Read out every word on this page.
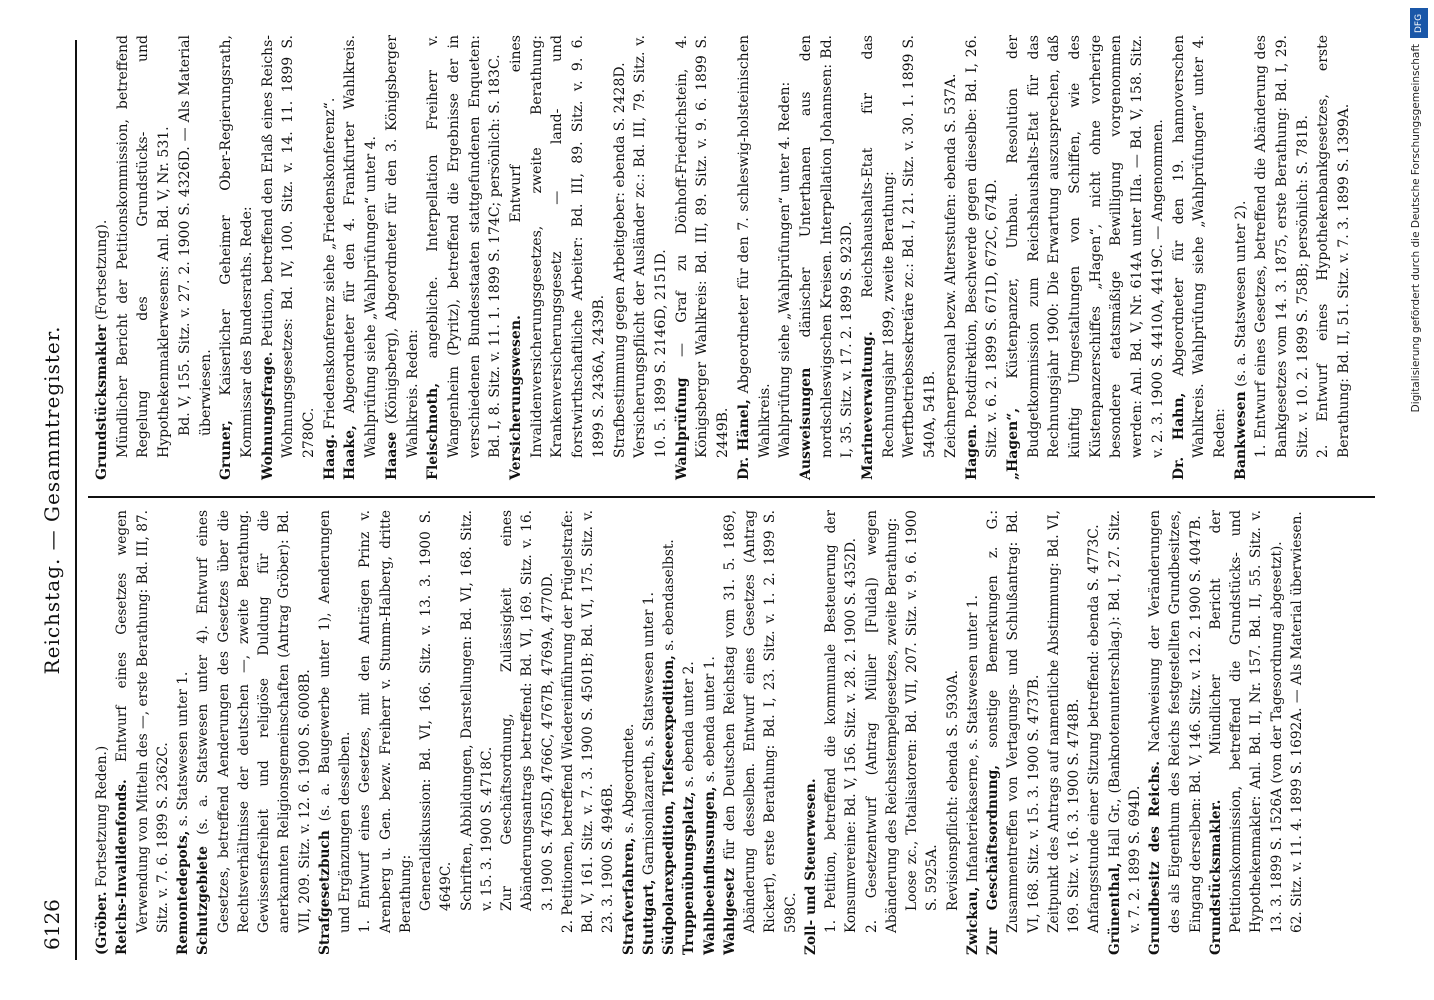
6126
Reichstag. — Gesammtregister.

(Gröber. Fortsetzung Reden.) Reichs-Invalidenfonds. Entwurf eines Gesetzes wegen Verwendung von Mitteln des —, erste Berathung: Bd. III, 87. Sitz. v. 7. 6. 1899 S. 2362C. Remontedepots, s. Statswesen unter 1.

Schutzgebiete (s. a. Statswesen unter 4). Entwurf eines Gesetzes, betreffend Aenderungen des Gesetzes über die Rechtsverhältnisse der deutschen —, zweite Berathung. Gewissensfreiheit und religiöse Duldung für die anerkannten Religionsgemeinschaften (Antrag Gröber): Bd. VII, 209. Sitz. v. 12. 6. 1900 S. 6008B. Strafgesetzbuch (s. a. Baugewerbe unter 1), Aenderungen und Ergänzungen desselben. 1. Entwurf eines Gesetzes, mit den Anträgen Prinz v. Arenberg u. Gen. bezw. Freiherr v. Stumm-Halberg, dritte Berathung: Generaldiskussion: Bd. VI, 166. Sitz. v. 13. 3. 1900 S. 4649C. Schriften, Abbildungen, Darstellungen: Bd. VI, 168. Sitz. v. 15. 3. 1900 S. 4718C. Zur Geschäftsordnung, Zulässigkeit eines Abänderungsantrags betreffend: Bd. VI, 169. Sitz. v. 16. 3. 1900 S. 4765D, 4766C, 4767B, 4769A, 4770D. 2. Petitionen, betreffend Wiedereinführung der Prügelstrafe: Bd. V, 161. Sitz. v. 7. 3. 1900 S. 4501B; Bd. VI, 175. Sitz. v. 23. 3. 1900 S. 4946B. Strafverfahren, s. Abgeordnete.

Stuttgart, Garnisonlazareth, s. Statswesen unter 1. Südpolarexpedition, Tiefseeexpedition, s. ebendaselbst.

Truppenübungsplatz, s. ebenda unter 2.

Wahlbeeinflussungen, s. ebenda unter 1.

Wahlgesetz für den Deutschen Reichstag vom 31. 5. 1869, Abänderung desselben. Entwurf eines Gesetzes (Antrag Rickert), erste Berathung: Bd. I, 23. Sitz. v. 1. 2. 1899 S. 598C. Zoll- und Steuerwesen. 1. Petition, betreffend die kommunale Besteuerung der Konsumvereine: Bd. V, 156. Sitz. v. 28. 2. 1900 S. 4352D. 2. Gesetzentwurf (Antrag Müller [Fulda]) wegen Abänderung des Reichsstempelgesetzes, zweite Berathung: Loose zc., Totalisatoren: Bd. VII, 207. Sitz. v. 9. 6. 1900 S. 5925A. Revisionspflicht: ebenda S. 5930A.

Zwickau, Infanteriekaserne, s. Statswesen unter 1. Zur Geschäftsordnung, sonstige Bemerkungen z. G.: Zusammentreffen von Vertagungs- und Schlußantrag: Bd. VI, 168. Sitz. v. 15. 3. 1900 S. 4737B. Zeitpunkt des Antrags auf namentliche Abstimmung: Bd. VI, 169. Sitz. v. 16. 3. 1900 S. 4748B. Anfangsstunde einer Sitzung betreffend: ebenda S. 4773C. Grünenthal, Hall Gr., (Banknotenunterschlag.): Bd. I, 27. Sitz. v. 7. 2. 1899 S. 694D. Grundbesitz des Reichs. Nachweisung der Veränderungen des als Eigenthum des Reichs festgestellten Grundbesitzes, Eingang derselben: Bd. V, 146. Sitz. v. 12. 2. 1900 S. 4047B. Grundstücksmakler. Mündlicher Bericht der Petitionskommission, betreffend die Grundstücks- und Hypothekenmakler: Anl. Bd. II, Nr. 157. Bd. II, 55. Sitz. v. 13. 3. 1899 S. 1526A (von der Tagesordnung abgesetzt). 62. Sitz. v. 11. 4. 1899 S. 1692A. — Als Material überwiesen.

Grundstücksmakler (Fortsetzung). Mündlicher Bericht der Petitionskommission, betreffend Regelung des Grundstücks- und Hypothekenmaklerwesens: Anl. Bd. V, Nr. 531. Bd. V, 155. Sitz. v. 27. 2. 1900 S. 4326D. — Als Material überwiesen.

Gruner, Kaiserlicher Geheimer Ober-Regierungsrath, Kommissar des Bundesraths. Rede: Wohnungsfrage. Petition, betreffend den Erlaß eines Reichs-Wohnungsgesetzes: Bd. IV, 100. Sitz. v. 14. 11. 1899 S. 2780C. Haag. Friedenskonferenz siehe „Friedenskonferenz“.

Haake, Abgeordneter für den 4. Frankfurter Wahlkreis. Wahlprüfung siehe „Wahlprüfungen“ unter 4. Haase (Königsberg), Abgeordneter für den 3. Königsberger Wahlkreis. Reden: Fleischnoth, angebliche. Interpellation Freiherr v. Wangenheim (Pyritz), betreffend die Ergebnisse der in verschiedenen Bundesstaaten stattgefundenen Enqueten: Bd. I, 8. Sitz. v. 11. 1. 1899 S. 174C; persönlich: S. 183C. Versicherungswesen. Entwurf eines Invalidenversicherungsgesetzes, zweite Berathung: Krankenversicherungsgesetz — land- und forstwirthschaftliche Arbeiter: Bd. III, 89. Sitz. v. 9. 6. 1899 S. 2436A, 2439B. Strafbestimmung gegen Arbeitgeber: ebenda S. 2428D. Versicherungspflicht der Ausländer zc.: Bd. III, 79. Sitz. v. 10. 5. 1899 S. 2146D, 2151D. Wahlprüfung — Graf zu Dönhoff-Friedrichstein, 4. Königsberger Wahlkreis: Bd. III, 89. Sitz. v. 9. 6. 1899 S. 2449B. Dr. Hänel, Abgeordneter für den 7. schleswig-holsteinischen Wahlkreis. Wahlprüfung siehe „Wahlprüfungen“ unter 4. Reden: Ausweisungen dänischer Unterthanen aus den nordschleswigschen Kreisen. Interpellation Johannsen: Bd. I, 35. Sitz. v. 17. 2. 1899 S. 923D. Marineverwaltung. Reichshaushalts-Etat für das Rechnungsjahr 1899, zweite Berathung: Werftbetriebssekretäre zc.: Bd. I, 21. Sitz. v. 30. 1. 1899 S. 540A, 541B. Zeichnerpersonal bezw. Altersstufen: ebenda S. 537A. Hagen. Postdirektion, Beschwerde gegen dieselbe: Bd. I, 26. Sitz. v. 6. 2. 1899 S. 671D, 672C, 674D. „Hagen“, Küstenpanzer, Umbau. Resolution der Budgetkommission zum Reichshaushalts-Etat für das Rechnungsjahr 1900: Die Erwartung auszusprechen, daß künftig Umgestaltungen von Schiffen, wie des Küstenpanzerschiffes „Hagen“, nicht ohne vorherige besondere etatsmäßige Bewilligung vorgenommen werden: Anl. Bd. V, Nr. 614A unter IIIa. — Bd. V, 158. Sitz. v. 2. 3. 1900 S. 4410A, 4419C. — Angenommen. Dr. Hahn, Abgeordneter für den 19. hannoverschen Wahlkreis. Wahlprüfung siehe „Wahlprüfungen“ unter 4. Reden: Bankwesen (s. a. Statswesen unter 2). 1. Entwurf eines Gesetzes, betreffend die Abänderung des Bankgesetzes vom 14. 3. 1875, erste Berathung: Bd. I, 29. Sitz. v. 10. 2. 1899 S. 758B; persönlich: S. 781B. 2. Entwurf eines Hypothekenbankgesetzes, erste Berathung: Bd. II, 51. Sitz. v. 7. 3. 1899 S. 1399A.

DFG
Digitalisierung gefördert durch die Deutsche Forschungsgemeinschaft
